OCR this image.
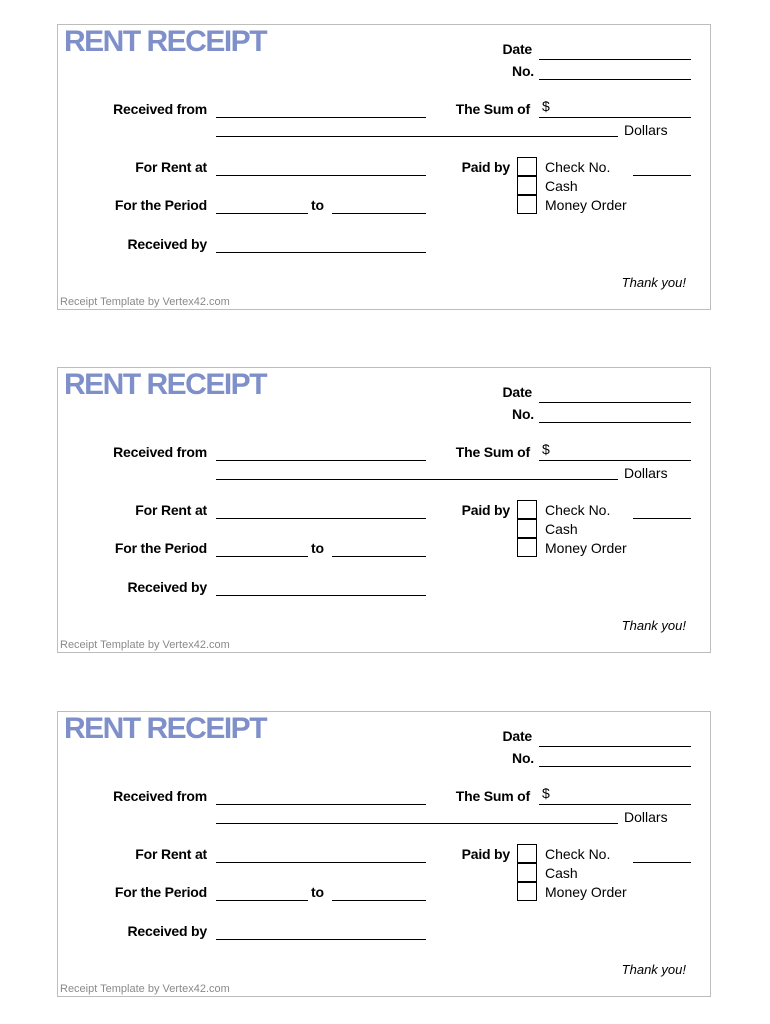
RENT RECEIPT	Date
No.
Received from	The Sum of $
Dollars
For Rent at	Paid by	Check No.
Cash
Money Order
For the Period	to
Received by
Thank you!
Receipt Template by Vertex42.com
RENT RECEIPT	Date
No.
Received from	The Sum of $
Dollars
For Rent at	Paid by	Check No.
Cash
Money Order
For the Period	to
Received by
Thank you!
Receipt Template by Vertex42.com
RENT RECEIPT	Date
No.
Received from	The Sum of $
Dollars
For Rent at	Paid by	Check No.
Cash
Money Order
For the Period	to
Received by
Thank you!
Receipt Template by Vertex42.com
